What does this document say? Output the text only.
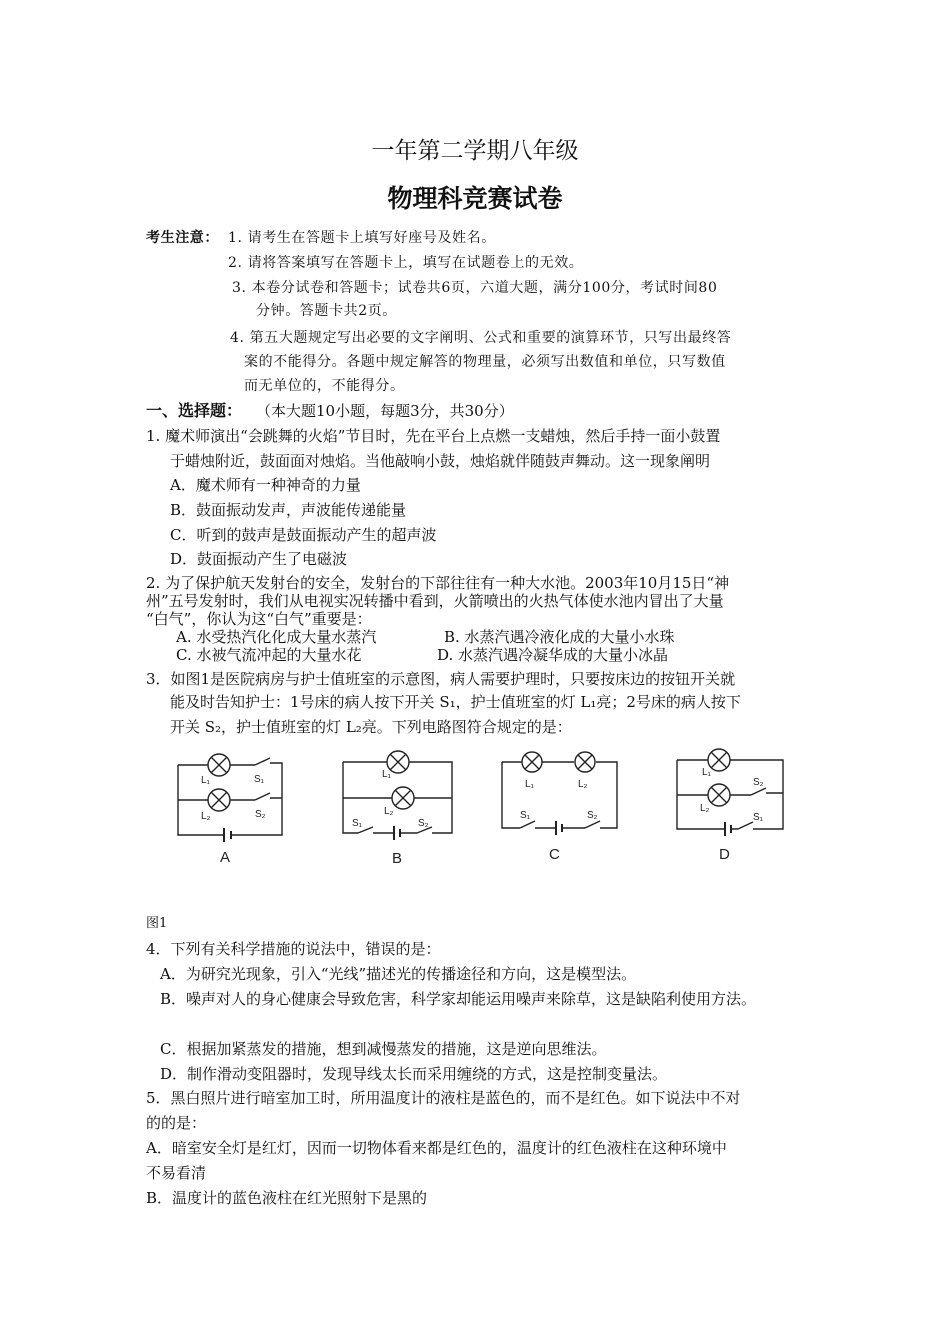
一年第二学期八年级
物理科竞赛试卷
考生注意： 1. 请考生在答题卡上填写好座号及姓名。
2. 请将答案填写在答题卡上，填写在试题卷上的无效。
3. 本卷分试卷和答题卡；试卷共6页，六道大题，满分100分，考试时间80
分钟。答题卡共2页。
4. 第五大题规定写出必要的文字阐明、公式和重要的演算环节，只写出最终答
案的不能得分。各题中规定解答的物理量，必须写出数值和单位，只写数值
而无单位的，不能得分。
一、选择题： （本大题10小题，每题3分，共30分）
1. 魔术师演出“会跳舞的火焰”节目时，先在平台上点燃一支蜡烛，然后手持一面小鼓置
于蜡烛附近，鼓面面对烛焰。当他敲响小鼓，烛焰就伴随鼓声舞动。这一现象阐明
A．魔术师有一种神奇的力量
B．鼓面振动发声，声波能传递能量
C．听到的鼓声是鼓面振动产生的超声波
D．鼓面振动产生了电磁波
2. 为了保护航天发射台的安全，发射台的下部往往有一种大水池。2003年10月15日“神
州”五号发射时，我们从电视实况转播中看到，火箭喷出的火热气体使水池内冒出了大量
“白气”，你认为这“白气”重要是：
A. 水受热汽化化成大量水蒸汽	B. 水蒸汽遇冷液化成的大量小水珠
C. 水被气流冲起的大量水花	D. 水蒸汽遇冷凝华成的大量小冰晶
3．如图1是医院病房与护士值班室的示意图，病人需要护理时，只要按床边的按钮开关就
能及时告知护士：1号床的病人按下开关 S₁，护士值班室的灯 L₁亮；2号床的病人按下
开关 S₂，护士值班室的灯 L₂亮。下列电路图符合规定的是：
L₁	S₁
L₂	S₂
A
L₁
L₂
S₁	S₂
B
L₁	L₂
S₁	S₂
C
L₁
S₂
L₂
S₁
D
图1
4．下列有关科学措施的说法中，错误的是：
A．为研究光现象，引入“光线”描述光的传播途径和方向，这是模型法。
B．噪声对人的身心健康会导致危害，科学家却能运用噪声来除草，这是缺陷利使用方法。
C．根据加紧蒸发的措施，想到减慢蒸发的措施，这是逆向思维法。
D．制作滑动变阻器时，发现导线太长而采用缠绕的方式，这是控制变量法。
5．黑白照片进行暗室加工时，所用温度计的液柱是蓝色的，而不是红色。如下说法中不对
的的是：
A．暗室安全灯是红灯，因而一切物体看来都是红色的，温度计的红色液柱在这种环境中
不易看清
B．温度计的蓝色液柱在红光照射下是黑的
